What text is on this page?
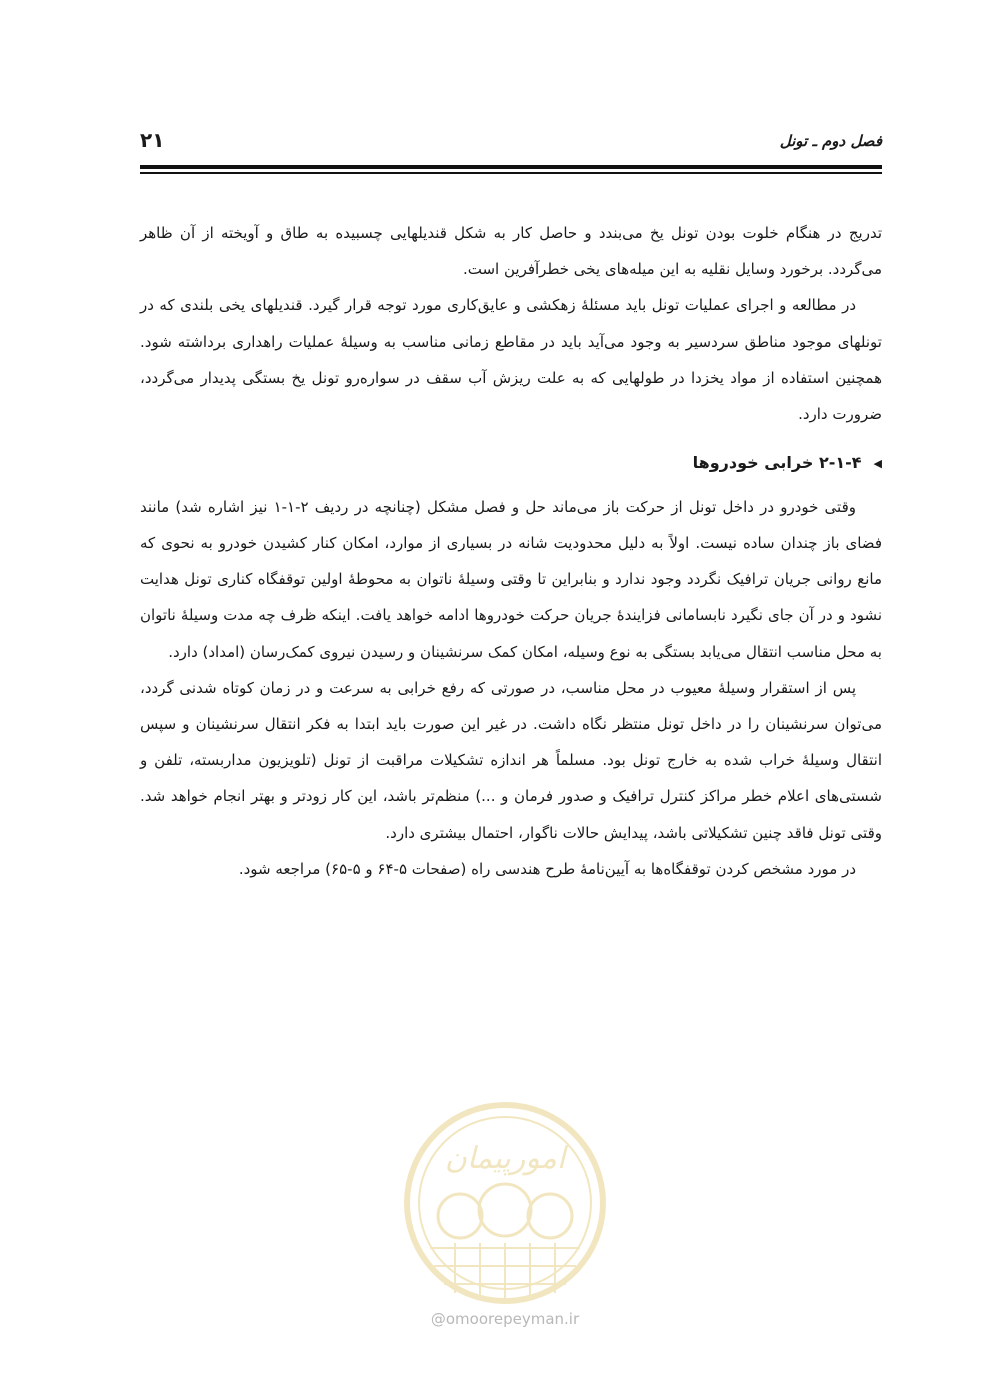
۲۱	فصل دوم ـ تونل

تدریج در هنگام خلوت بودن تونل یخ می‌بندد و حاصل کار به شکل قندیلهایی چسبیده به طاق و آویخته از آن ظاهر می‌گردد. برخورد وسایل نقلیه به این میله‌های یخی خطرآفرین است.

در مطالعه و اجرای عملیات تونل باید مسئلهٔ زهکشی و عایق‌کاری مورد توجه قرار گیرد. قندیلهای یخی بلندی که در تونلهای موجود مناطق سردسیر به وجود می‌آید باید در مقاطع زمانی مناسب به وسیلهٔ عملیات راهداری برداشته شود. همچنین استفاده از مواد یخزدا در طولهایی که به علت ریزش آب سقف در سواره‌رو تونل یخ بستگی پدیدار می‌گردد، ضرورت دارد.

◀۲-۱-۴ خرابی خودروها

وقتی خودرو در داخل تونل از حرکت باز می‌ماند حل و فصل مشکل (چنانچه در ردیف ۲-۱-۱ نیز اشاره شد) مانند فضای باز چندان ساده نیست. اولاً به دلیل محدودیت شانه در بسیاری از موارد، امکان کنار کشیدن خودرو به نحوی که مانع روانی جریان ترافیک نگردد وجود ندارد و بنابراین تا وقتی وسیلهٔ ناتوان به محوطهٔ اولین توقفگاه کناری تونل هدایت نشود و در آن جای نگیرد نابسامانی فزایندهٔ جریان حرکت خودروها ادامه خواهد یافت. اینکه ظرف چه مدت وسیلهٔ ناتوان به محل مناسب انتقال می‌یابد بستگی به نوع وسیله، امکان کمک سرنشینان و رسیدن نیروی کمک‌رسان (امداد) دارد.

پس از استقرار وسیلهٔ معیوب در محل مناسب، در صورتی که رفع خرابی به سرعت و در زمان کوتاه شدنی گردد، می‌توان سرنشینان را در داخل تونل منتظر نگاه داشت. در غیر این صورت باید ابتدا به فکر انتقال سرنشینان و سپس انتقال وسیلهٔ خراب شده به خارج تونل بود. مسلماً هر اندازه تشکیلات مراقبت از تونل (تلویزیون مداربسته، تلفن و شستی‌های اعلام خطر مراکز کنترل ترافیک و صدور فرمان و ...) منظم‌تر باشد، این کار زودتر و بهتر انجام خواهد شد. وقتی تونل فاقد چنین تشکیلاتی باشد، پیدایش حالات ناگوار، احتمال بیشتری دارد.

در مورد مشخص کردن توقفگاه‌ها به آیین‌نامهٔ طرح هندسی راه (صفحات ۵-۶۴ و ۵-۶۵) مراجعه شود.

امورپیمان
@omoorepeyman.ir
